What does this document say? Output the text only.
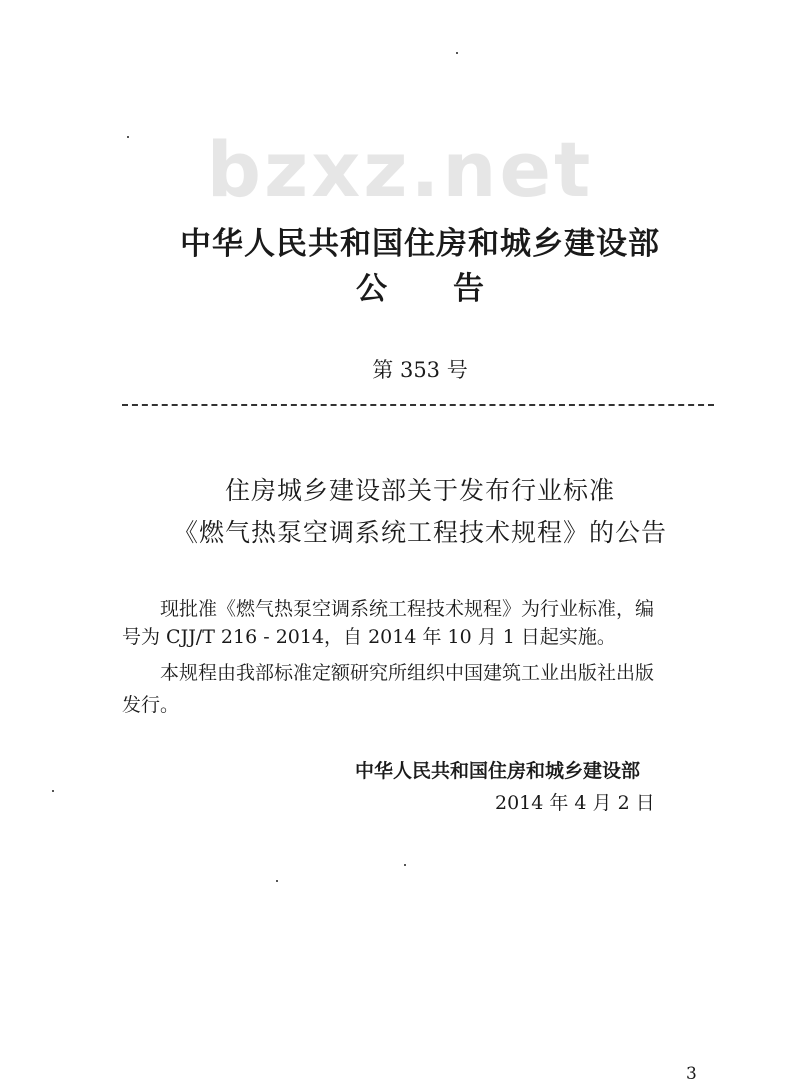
bzxz.net
中华人民共和国住房和城乡建设部
公告
第 353 号
住房城乡建设部关于发布行业标准
《燃气热泵空调系统工程技术规程》的公告
现批准《燃气热泵空调系统工程技术规程》为行业标准，编
号为 CJJ/T 216 - 2014，自 2014 年 10 月 1 日起实施。
本规程由我部标准定额研究所组织中国建筑工业出版社出版
发行。
中华人民共和国住房和城乡建设部
2014 年 4 月 2 日
3
